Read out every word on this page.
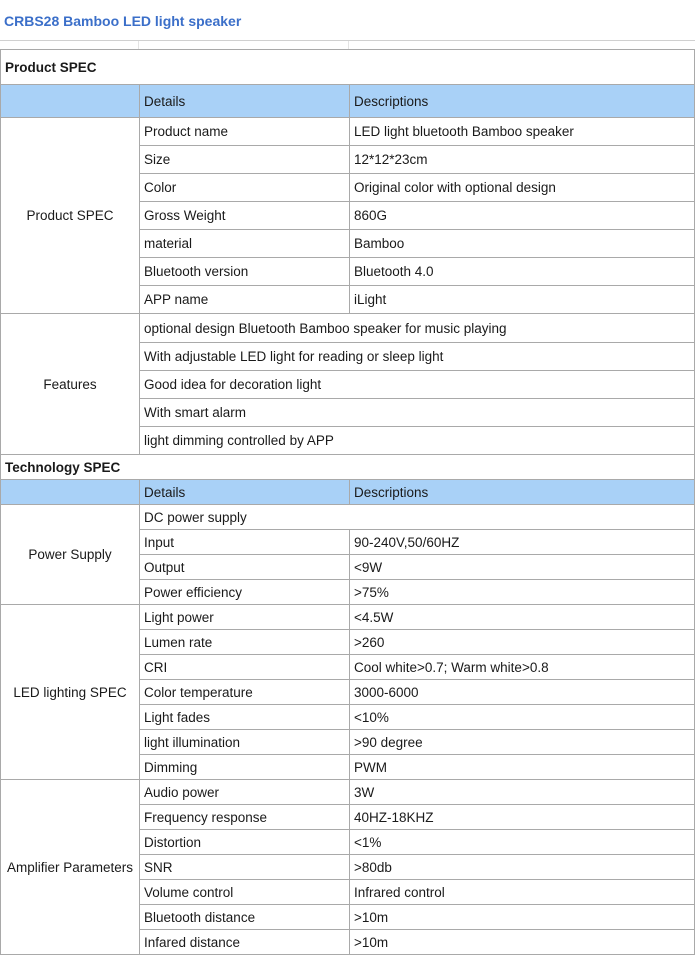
CRBS28 Bamboo LED light speaker
Product SPEC		
	Details	Descriptions
Product SPEC	Product name	LED light bluetooth Bamboo speaker
	Size	12*12*23cm
	Color	Original color with optional design
	Gross Weight	860G
	material	Bamboo
	Bluetooth version	Bluetooth 4.0
	APP name	iLight
Features	optional design Bluetooth Bamboo speaker for music playing	
	With adjustable LED light for reading or sleep light	
	Good idea for decoration light	
	With smart alarm	
	light dimming controlled by APP	
Technology SPEC		
	Details	Descriptions
Power Supply	DC power supply	
	Input	90-240V,50/60HZ
	Output	<9W
	Power efficiency	>75%
LED lighting SPEC	Light power	<4.5W
	Lumen rate	>260
	CRI	Cool white>0.7; Warm white>0.8
	Color temperature	3000-6000
	Light fades	<10%
	light illumination	>90 degree
	Dimming	PWM
Amplifier Parameters	Audio power	3W
	Frequency response	40HZ-18KHZ
	Distortion	<1%
	SNR	>80db
	Volume control	Infrared control
	Bluetooth distance	>10m
	Infared distance	>10m
